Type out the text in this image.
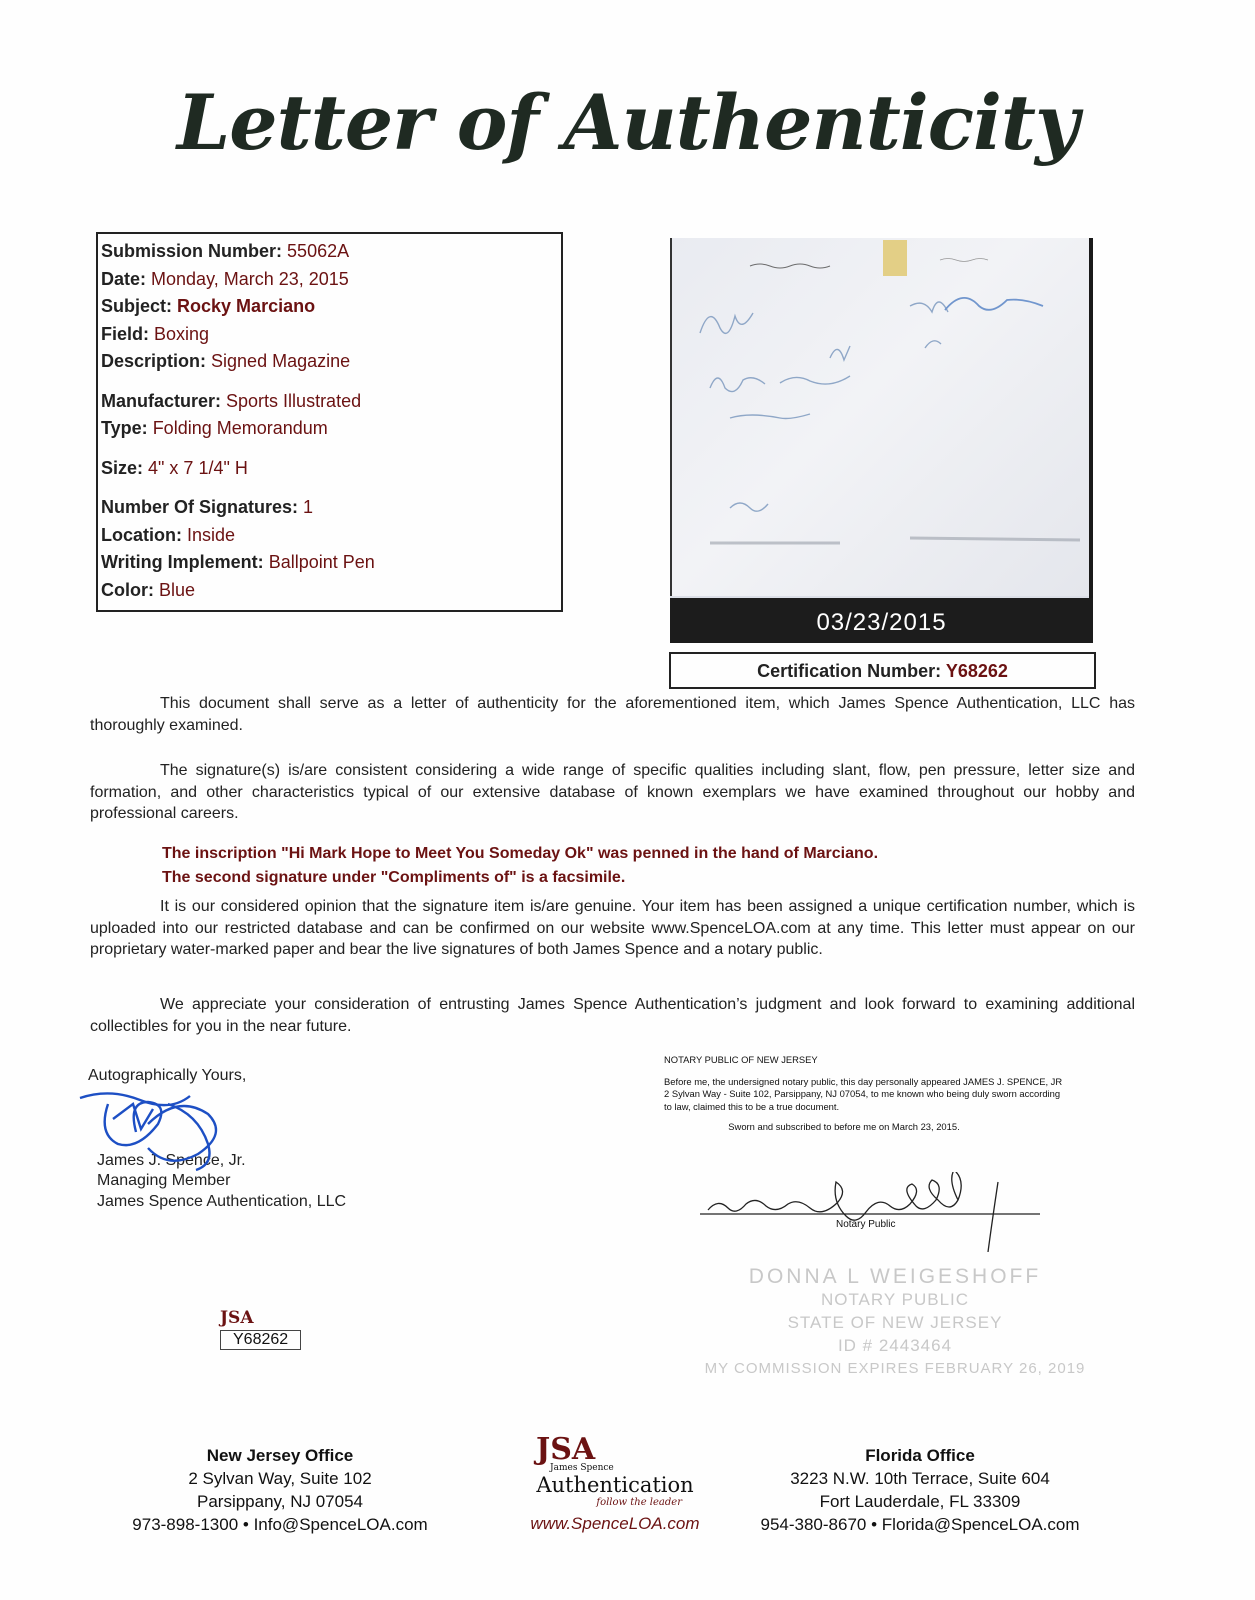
Letter of Authenticity
Submission Number: 55062A
Date: Monday, March 23, 2015
Subject: Rocky Marciano
Field: Boxing
Description: Signed Magazine
Manufacturer: Sports Illustrated
Type: Folding Memorandum
Size: 4" x 7 1/4" H
Number Of Signatures: 1
Location: Inside
Writing Implement: Ballpoint Pen
Color: Blue
03/23/2015
Certification Number: Y68262
This document shall serve as a letter of authenticity for the aforementioned item, which James Spence Authentication, LLC has thoroughly examined.
The signature(s) is/are consistent considering a wide range of specific qualities including slant, flow, pen pressure, letter size and formation, and other characteristics typical of our extensive database of known exemplars we have examined throughout our hobby and professional careers.
The inscription "Hi Mark Hope to Meet You Someday Ok" was penned in the hand of Marciano.
The second signature under "Compliments of" is a facsimile.
It is our considered opinion that the signature item is/are genuine. Your item has been assigned a unique certification number, which is uploaded into our restricted database and can be confirmed on our website www.SpenceLOA.com at any time. This letter must appear on our proprietary water-marked paper and bear the live signatures of both James Spence and a notary public.
We appreciate your consideration of entrusting James Spence Authentication’s judgment and look forward to examining additional collectibles for you in the near future.
Autographically Yours,
James J. Spence, Jr.
Managing Member
James Spence Authentication, LLC
NOTARY PUBLIC OF NEW JERSEY
Before me, the undersigned notary public, this day personally appeared JAMES J. SPENCE, JR 2 Sylvan Way - Suite 102, Parsippany, NJ 07054, to me known who being duly sworn according to law, claimed this to be a true document.
Sworn and subscribed to before me on March 23, 2015.
Notary Public
DONNA L WEIGESHOFF
NOTARY PUBLIC
STATE OF NEW JERSEY
ID # 2443464
MY COMMISSION EXPIRES FEBRUARY 26, 2019
JSA
Y68262
New Jersey Office
2 Sylvan Way, Suite 102
Parsippany, NJ 07054
973-898-1300 • Info@SpenceLOA.com
JSA
James Spence
Authentication
follow the leader
www.SpenceLOA.com
Florida Office
3223 N.W. 10th Terrace, Suite 604
Fort Lauderdale, FL 33309
954-380-8670 • Florida@SpenceLOA.com
